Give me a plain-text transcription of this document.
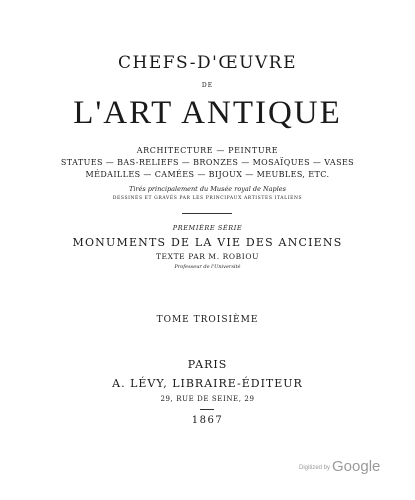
CHEFS-D'ŒUVRE
DE
L'ART ANTIQUE
ARCHITECTURE — PEINTURE
STATUES — BAS-RELIEFS — BRONZES — MOSAÏQUES — VASES
MÉDAILLES — CAMÉES — BIJOUX — MEUBLES, ETC.
Tirés principalement du Musée royal de Naples
DESSINÉS ET GRAVÉS PAR LES PRINCIPAUX ARTISTES ITALIENS
PREMIÈRE SÉRIE
MONUMENTS DE LA VIE DES ANCIENS
TEXTE PAR M. ROBIOU
Professeur de l'Université
TOME TROISIÈME
PARIS
A. LÉVY, LIBRAIRE-ÉDITEUR
29, RUE DE SEINE, 29
1867
Digitized by Google
